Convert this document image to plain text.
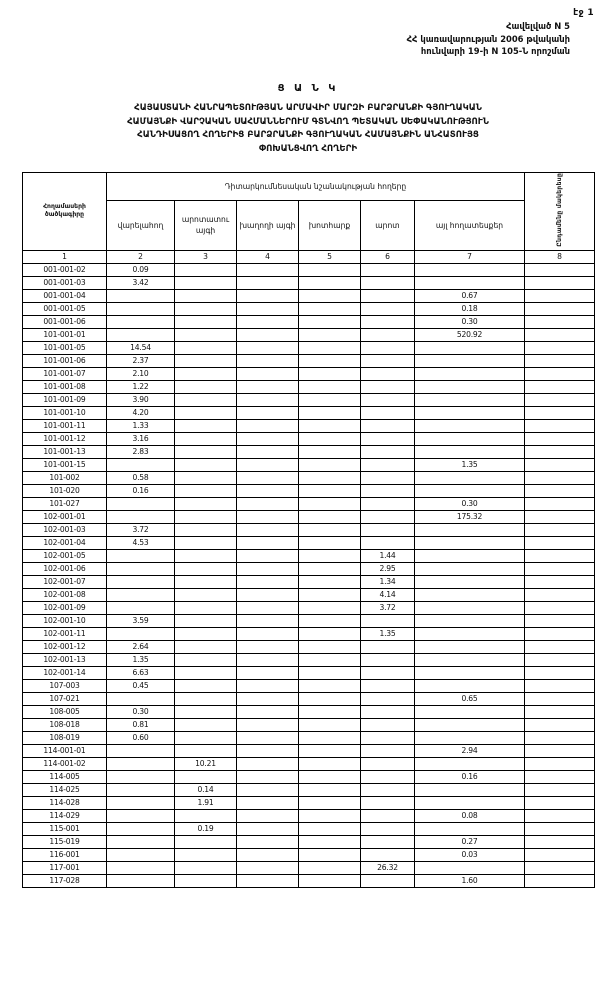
էջ 1
Հավելված N 5
ՀՀ կառավարության 2006 թվականի
հունվարի 19-ի N 105-Ն որոշման
Ց Ա Ն Կ
ՀԱՅԱՍՏԱՆԻ ՀԱՆՐԱՊԵՏՈՒԹՅԱՆ ԱՐՄԱՎԻՐ ՄԱՐԶԻ ԲԱՐՁՐԱՆՔԻ ԳՅՈՒՂԱԿԱՆ
ՀԱՄԱՅՆՔԻ ՎԱՐՉԱԿԱՆ ՍԱՀՄԱՆՆԵՐՈՒՄ ԳՏՆՎՈՂ ՊԵՏԱԿԱՆ ՍԵՓԱԿԱՆՈՒԹՅՈՒՆ
ՀԱՆԴԻՍԱՑՈՂ ՀՈՂԵՐԻՑ ԲԱՐՁՐԱՆՔԻ ԳՅՈՒՂԱԿԱՆ ՀԱՄԱՅՆՔԻՆ ԱՆՀԱՏՈՒՅՑ
ՓՈԽԱՆՑՎՈՂ ՀՈՂԵՐԻ
Հողամասերի ծածկագիրը	Դիտարկումնեսական նշանակության հողերը						Ընդամենը մակերեսը
	վարելահող	արոտատու այգի	խաղողի այգի	խոտհարք	արոտ	այլ հողատեսքեր	
1	2	3	4	5	6	7	8
001-001-02	0.09						
001-001-03	3.42						
001-001-04						0.67	
001-001-05						0.18	
001-001-06						0.30	
101-001-01						520.92	
101-001-05	14.54						
101-001-06	2.37						
101-001-07	2.10						
101-001-08	1.22						
101-001-09	3.90						
101-001-10	4.20						
101-001-11	1.33						
101-001-12	3.16						
101-001-13	2.83						
101-001-15						1.35	
101-002	0.58						
101-020	0.16						
101-027						0.30	
102-001-01						175.32	
102-001-03	3.72						
102-001-04	4.53						
102-001-05					1.44		
102-001-06					2.95		
102-001-07					1.34		
102-001-08					4.14		
102-001-09					3.72		
102-001-10	3.59						
102-001-11					1.35		
102-001-12	2.64						
102-001-13	1.35						
102-001-14	6.63						
107-003	0.45						
107-021						0.65	
108-005	0.30						
108-018	0.81						
108-019	0.60						
114-001-01						2.94	
114-001-02		10.21					
114-005						0.16	
114-025		0.14					
114-028		1.91					
114-029						0.08	
115-001		0.19					
115-019						0.27	
116-001						0.03	
117-001					26.32		
117-028						1.60	
